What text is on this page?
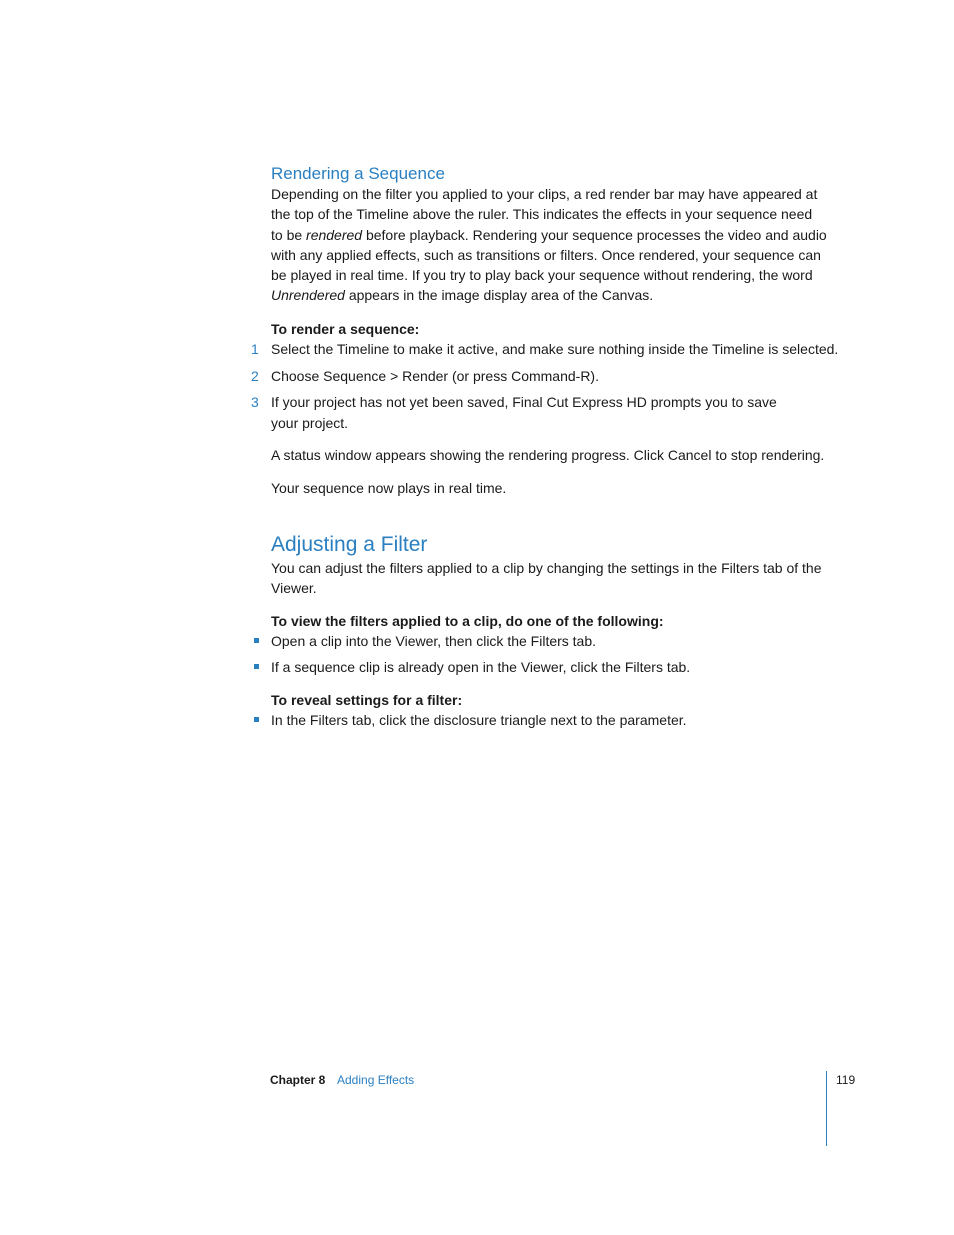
Rendering a Sequence

Depending on the filter you applied to your clips, a red render bar may have appeared at the top of the Timeline above the ruler. This indicates the effects in your sequence need to be rendered before playback. Rendering your sequence processes the video and audio with any applied effects, such as transitions or filters. Once rendered, your sequence can be played in real time. If you try to play back your sequence without rendering, the word Unrendered appears in the image display area of the Canvas.

To render a sequence:

1 Select the Timeline to make it active, and make sure nothing inside the Timeline is selected.

2 Choose Sequence > Render (or press Command-R).

3 If your project has not yet been saved, Final Cut Express HD prompts you to save your project.

A status window appears showing the rendering progress. Click Cancel to stop rendering.

Your sequence now plays in real time.

Adjusting a Filter

You can adjust the filters applied to a clip by changing the settings in the Filters tab of the Viewer.

To view the filters applied to a clip, do one of the following:

Open a clip into the Viewer, then click the Filters tab.

If a sequence clip is already open in the Viewer, click the Filters tab.

To reveal settings for a filter:

In the Filters tab, click the disclosure triangle next to the parameter.

Chapter 8 Adding Effects	119
